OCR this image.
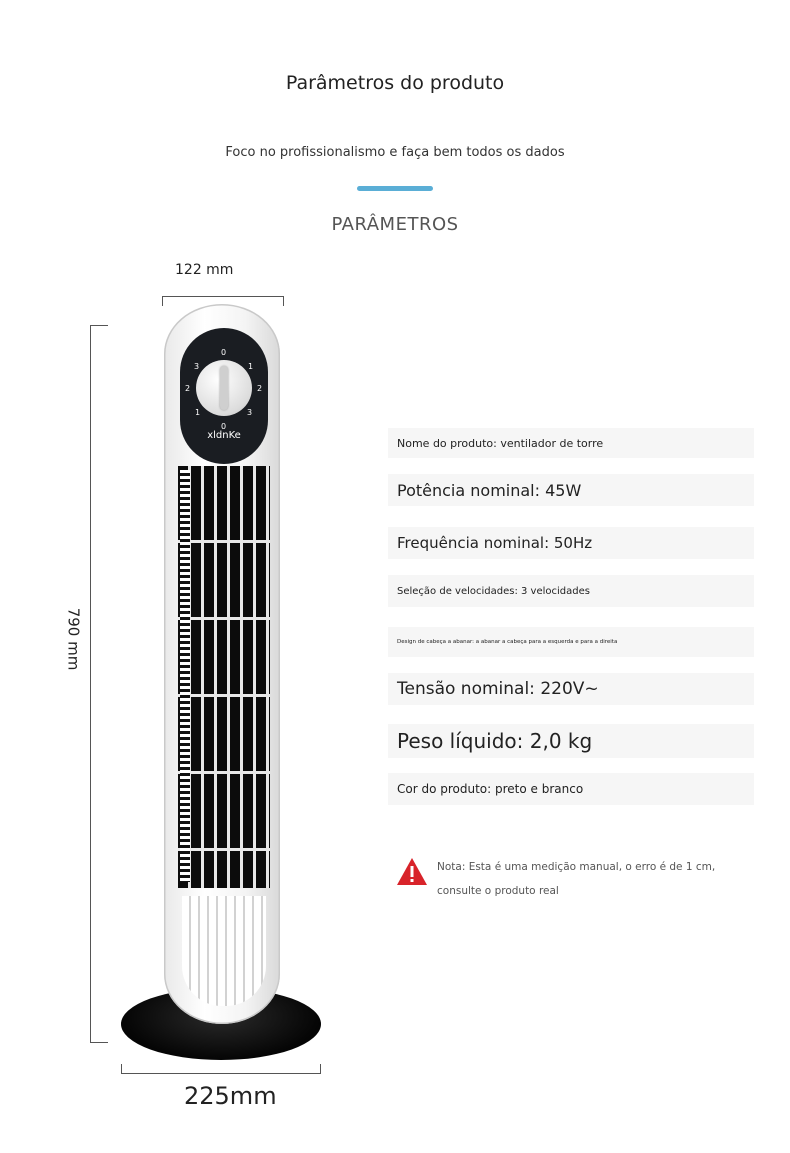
Parâmetros do produto
Foco no profissionalismo e faça bem todos os dados
PARÂMETROS
122 mm
790 mm
225mm
0
1
2
3
3
2
1
0
xldnKe
Nome do produto: ventilador de torre
Potência nominal: 45W
Frequência nominal: 50Hz
Seleção de velocidades: 3 velocidades
Design de cabeça a abanar: a abanar a cabeça para a esquerda e para a direita
Tensão nominal: 220V~
Peso líquido: 2,0 kg
Cor do produto: preto e branco
Nota: Esta é uma medição manual, o erro é de 1 cm,
consulte o produto real
